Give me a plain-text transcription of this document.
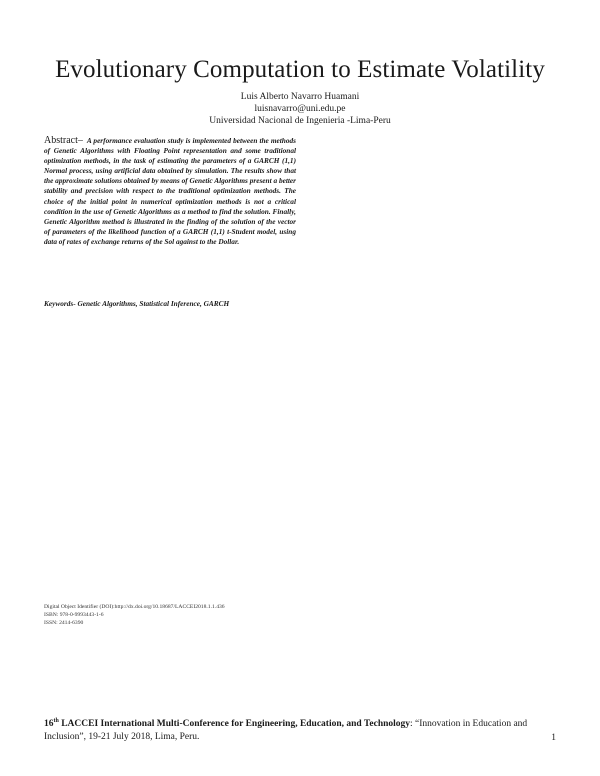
Evolutionary Computation to Estimate Volatility
Luis Alberto Navarro Huamani
luisnavarro@uni.edu.pe
Universidad Nacional de Ingenieria -Lima-Peru
Abstract– A performance evaluation study is implemented between the methods of Genetic Algorithms with Floating Point representation and some traditional optimization methods, in the task of estimating the parameters of a GARCH (1,1) Normal process, using artificial data obtained by simulation. The results show that the approximate solutions obtained by means of Genetic Algorithms present a better stability and precision with respect to the traditional optimization methods. The choice of the initial point in numerical optimization methods is not a critical condition in the use of Genetic Algorithms as a method to find the solution. Finally, Genetic Algorithm method is illustrated in the finding of the solution of the vector of parameters of the likelihood function of a GARCH (1,1) t-Student model, using data of rates of exchange returns of the Sol against to the Dollar.
Keywords- Genetic Algorithms, Statistical Inference, GARCH
Digital Object Identifier (DOI):http://dx.doi.org/10.18687/LACCEI2018.1.1.436
ISBN: 978-0-9993443-1-6
ISSN: 2414-6390
16th LACCEI International Multi-Conference for Engineering, Education, and Technology: “Innovation in Education and Inclusion”, 19-21 July 2018, Lima, Peru.	1
